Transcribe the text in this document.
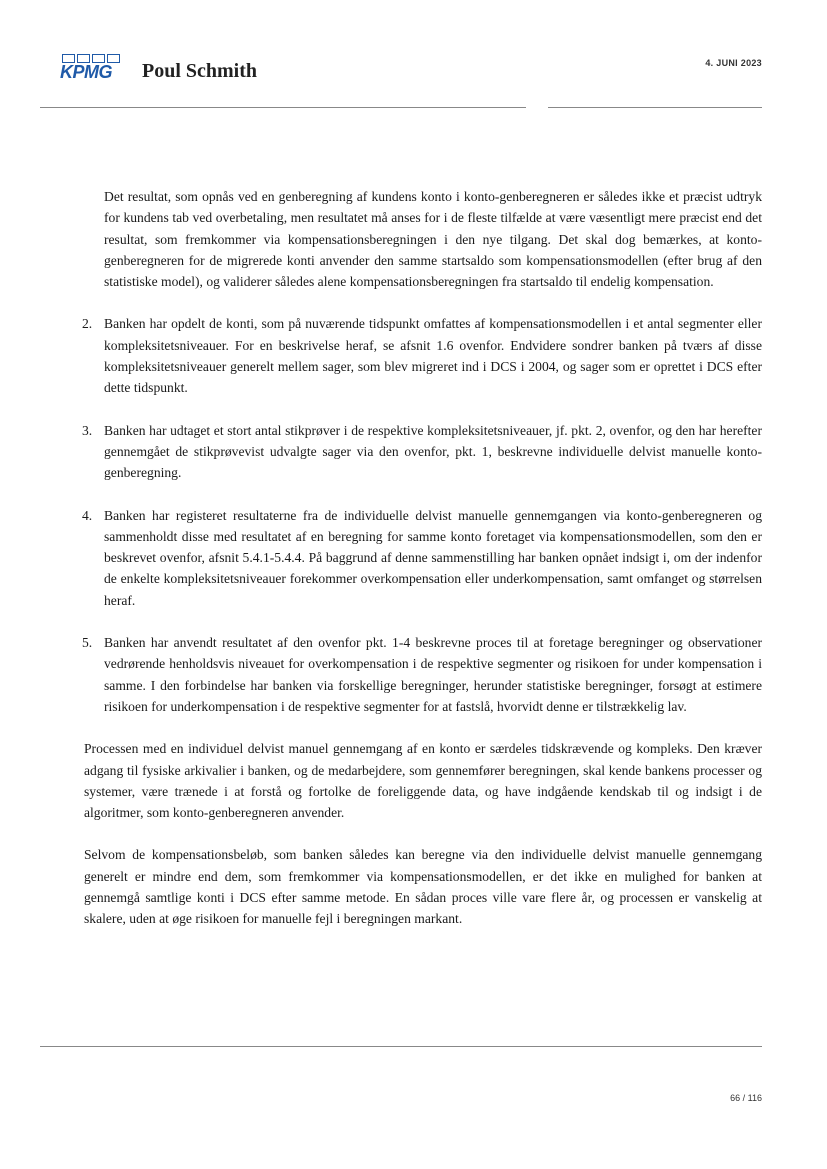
KPMG Poul Schmith	4. JUNI 2023

Det resultat, som opnås ved en genberegning af kundens konto i konto-genberegneren er således ikke et præcist udtryk for kundens tab ved overbetaling, men resultatet må anses for i de fleste tilfælde at være væsentligt mere præcist end det resultat, som fremkommer via kompensationsberegningen i den nye tilgang. Det skal dog bemærkes, at konto-genberegneren for de migrerede konti anvender den samme startsaldo som kompensationsmodellen (efter brug af den statistiske model), og validerer således alene kompensationsberegningen fra startsaldo til endelig kompensation.

2. Banken har opdelt de konti, som på nuværende tidspunkt omfattes af kompensationsmodellen i et antal segmenter eller kompleksitetsniveauer. For en beskrivelse heraf, se afsnit 1.6 ovenfor. Endvidere sondrer banken på tværs af disse kompleksitetsniveauer generelt mellem sager, som blev migreret ind i DCS i 2004, og sager som er oprettet i DCS efter dette tidspunkt.
3. Banken har udtaget et stort antal stikprøver i de respektive kompleksitetsniveauer, jf. pkt. 2, ovenfor, og den har herefter gennemgået de stikprøvevist udvalgte sager via den ovenfor, pkt. 1, beskrevne individuelle delvist manuelle konto-genberegning.
4. Banken har registeret resultaterne fra de individuelle delvist manuelle gennemgangen via konto-genberegneren og sammenholdt disse med resultatet af en beregning for samme konto foretaget via kompensationsmodellen, som den er beskrevet ovenfor, afsnit 5.4.1-5.4.4. På baggrund af denne sammenstilling har banken opnået indsigt i, om der indenfor de enkelte kompleksitetsniveauer forekommer overkompensation eller underkompensation, samt omfanget og størrelsen heraf.
5. Banken har anvendt resultatet af den ovenfor pkt. 1-4 beskrevne proces til at foretage beregninger og observationer vedrørende henholdsvis niveauet for overkompensation i de respektive segmenter og risikoen for under kompensation i samme. I den forbindelse har banken via forskellige beregninger, herunder statistiske beregninger, forsøgt at estimere risikoen for underkompensation i de respektive segmenter for at fastslå, hvorvidt denne er tilstrækkelig lav.

Processen med en individuel delvist manuel gennemgang af en konto er særdeles tidskrævende og kompleks. Den kræver adgang til fysiske arkivalier i banken, og de medarbejdere, som gennemfører beregningen, skal kende bankens processer og systemer, være trænede i at forstå og fortolke de foreliggende data, og have indgående kendskab til og indsigt i de algoritmer, som konto-genberegneren anvender.

Selvom de kompensationsbeløb, som banken således kan beregne via den individuelle delvist manuelle gennemgang generelt er mindre end dem, som fremkommer via kompensationsmodellen, er det ikke en mulighed for banken at gennemgå samtlige konti i DCS efter samme metode. En sådan proces ville vare flere år, og processen er vanskelig at skalere, uden at øge risikoen for manuelle fejl i beregningen markant.

66 / 116
